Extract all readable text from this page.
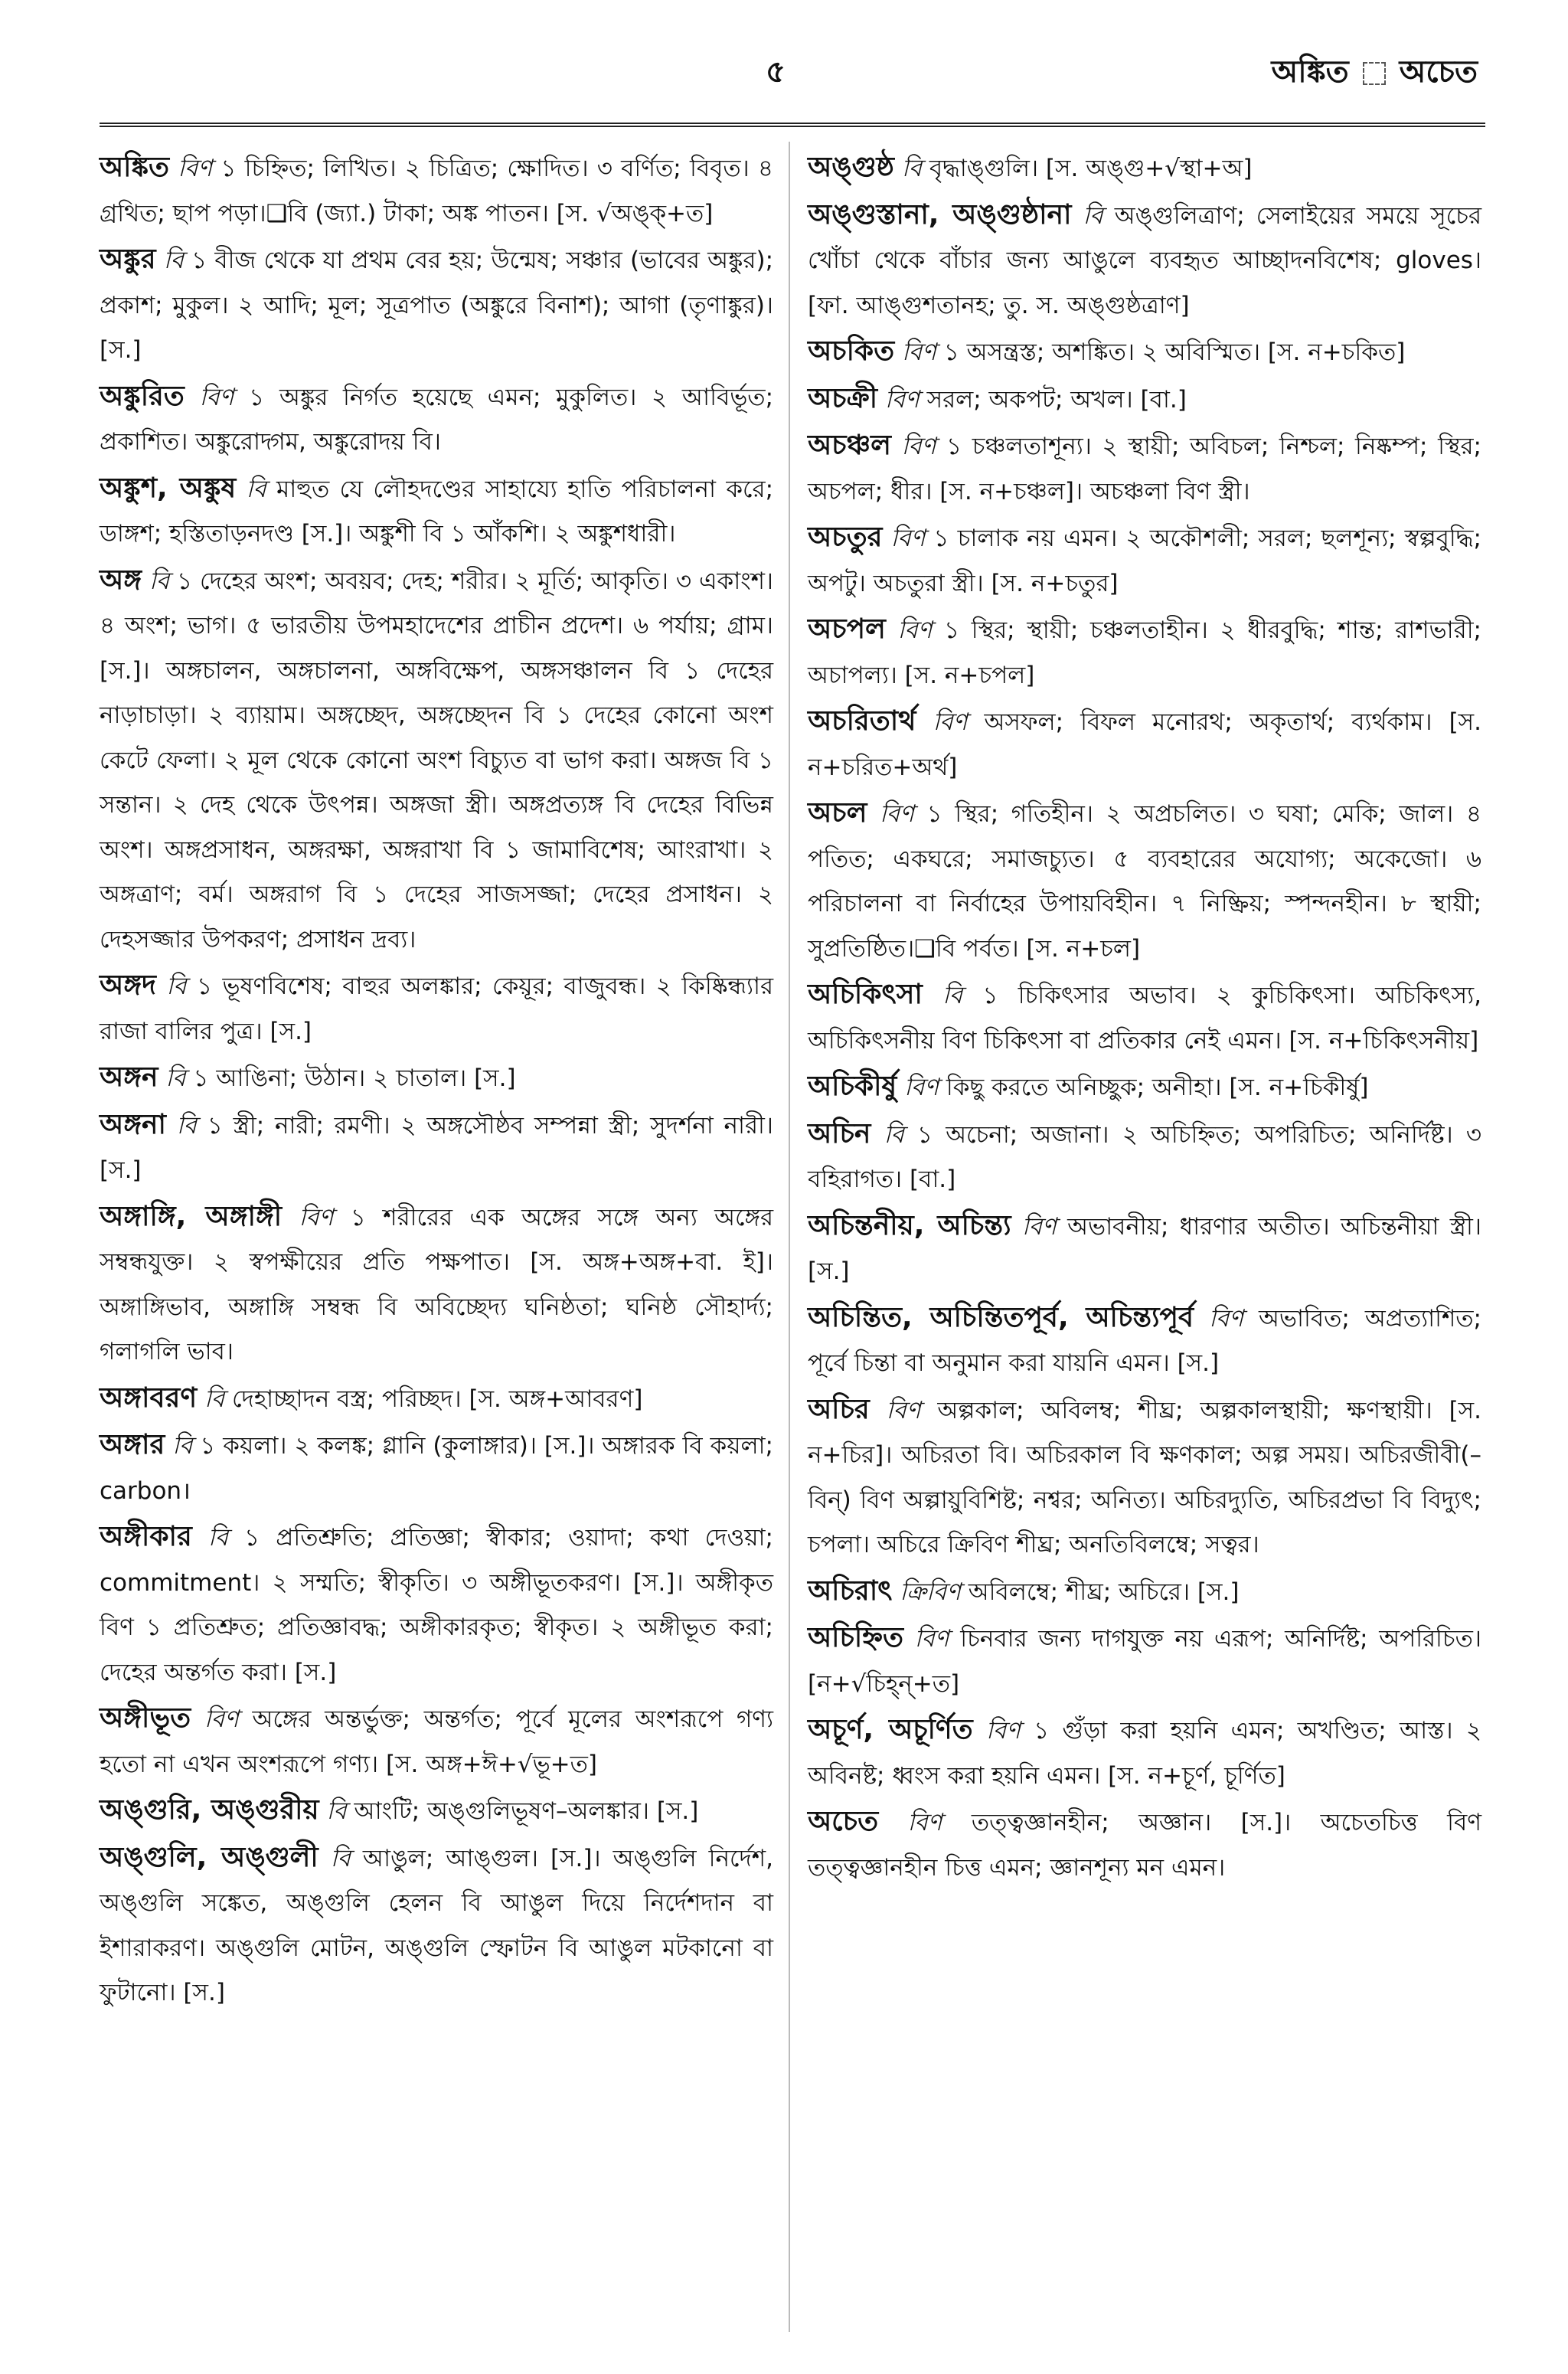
৫	অঙ্কিত অচেত
অঙ্কিত বিণ ১ চিহ্নিত; লিখিত। ২ চিত্রিত; ক্ষোদিত। ৩ বর্ণিত; বিবৃত। ৪ গ্রথিত; ছাপ পড়া।❑বি (জ্যা.) টাকা; অঙ্ক পাতন। [স. √অঙ্ক্‌+ত]
অঙ্কুর বি ১ বীজ থেকে যা প্রথম বের হয়; উন্মেষ; সঞ্চার (ভাবের অঙ্কুর); প্রকাশ; মুকুল। ২ আদি; মূল; সূত্রপাত (অঙ্কুরে বিনাশ); আগা (তৃণাঙ্কুর)। [স.]
অঙ্কুরিত বিণ ১ অঙ্কুর নির্গত হয়েছে এমন; মুকুলিত। ২ আবির্ভূত; প্রকাশিত। অঙ্কুরোদ্গম, অঙ্কুরোদয় বি।
অঙ্কুশ, অঙ্কুষ বি মাহুত যে লৌহদণ্ডের সাহায্যে হাতি পরিচালনা করে; ডাঙ্গশ; হস্তিতাড়নদণ্ড [স.]। অঙ্কুশী বি ১ আঁকশি। ২ অঙ্কুশধারী।
অঙ্গ বি ১ দেহের অংশ; অবয়ব; দেহ; শরীর। ২ মূর্তি; আকৃতি। ৩ একাংশ। ৪ অংশ; ভাগ। ৫ ভারতীয় উপমহাদেশের প্রাচীন প্রদেশ। ৬ পর্যায়; গ্রাম। [স.]। অঙ্গচালন, অঙ্গচালনা, অঙ্গবিক্ষেপ, অঙ্গসঞ্চালন বি ১ দেহের নাড়াচাড়া। ২ ব্যায়াম। অঙ্গচ্ছেদ, অঙ্গচ্ছেদন বি ১ দেহের কোনো অংশ কেটে ফেলা। ২ মূল থেকে কোনো অংশ বিচ্যুত বা ভাগ করা। অঙ্গজ বি ১ সন্তান। ২ দেহ থেকে উৎপন্ন। অঙ্গজা স্ত্রী। অঙ্গপ্রত্যঙ্গ বি দেহের বিভিন্ন অংশ। অঙ্গপ্রসাধন, অঙ্গরক্ষা, অঙ্গরাখা বি ১ জামাবিশেষ; আংরাখা। ২ অঙ্গত্রাণ; বর্ম। অঙ্গরাগ বি ১ দেহের সাজসজ্জা; দেহের প্রসাধন। ২ দেহসজ্জার উপকরণ; প্রসাধন দ্রব্য।
অঙ্গদ বি ১ ভূষণবিশেষ; বাহুর অলঙ্কার; কেয়ূর; বাজুবন্ধ। ২ কিষ্কিন্ধ্যার রাজা বালির পুত্র। [স.]
অঙ্গন বি ১ আঙিনা; উঠান। ২ চাতাল। [স.]
অঙ্গনা বি ১ স্ত্রী; নারী; রমণী। ২ অঙ্গসৌষ্ঠব সম্পন্না স্ত্রী; সুদর্শনা নারী। [স.]
অঙ্গাঙ্গি, অঙ্গাঙ্গী বিণ ১ শরীরের এক অঙ্গের সঙ্গে অন্য অঙ্গের সম্বন্ধযুক্ত। ২ স্বপক্ষীয়ের প্রতি পক্ষপাত। [স. অঙ্গ+অঙ্গ+বা. ই]। অঙ্গাঙ্গিভাব, অঙ্গাঙ্গি সম্বন্ধ বি অবিচ্ছেদ্য ঘনিষ্ঠতা; ঘনিষ্ঠ সৌহার্দ্য; গলাগলি ভাব।
অঙ্গাবরণ বি দেহাচ্ছাদন বস্ত্র; পরিচ্ছদ। [স. অঙ্গ+আবরণ]
অঙ্গার বি ১ কয়লা। ২ কলঙ্ক; গ্লানি (কুলাঙ্গার)। [স.]। অঙ্গারক বি কয়লা; carbon।
অঙ্গীকার বি ১ প্রতিশ্রুতি; প্রতিজ্ঞা; স্বীকার; ওয়াদা; কথা দেওয়া; commitment। ২ সম্মতি; স্বীকৃতি। ৩ অঙ্গীভূতকরণ। [স.]। অঙ্গীকৃত বিণ ১ প্রতিশ্রুত; প্রতিজ্ঞাবদ্ধ; অঙ্গীকারকৃত; স্বীকৃত। ২ অঙ্গীভূত করা; দেহের অন্তর্গত করা। [স.]
অঙ্গীভূত বিণ অঙ্গের অন্তর্ভুক্ত; অন্তর্গত; পূর্বে মূলের অংশরূপে গণ্য হতো না এখন অংশরূপে গণ্য। [স. অঙ্গ+ঈ+√ভূ+ত]
অঙ্গুরি, অঙ্গুরীয় বি আংটি; অঙ্গুলিভূষণ–অলঙ্কার। [স.]
অঙ্গুলি, অঙ্গুলী বি আঙুল; আঙ্গুল। [স.]। অঙ্গুলি নির্দেশ, অঙ্গুলি সঙ্কেত, অঙ্গুলি হেলন বি আঙুল দিয়ে নির্দেশদান বা ইশারাকরণ। অঙ্গুলি মোটন, অঙ্গুলি স্ফোটন বি আঙুল মটকানো বা ফুটানো। [স.]
অঙ্গুষ্ঠ বি বৃদ্ধাঙ্গুলি। [স. অঙ্গু+√স্থা+অ]
অঙ্গুস্তানা, অঙ্গুষ্ঠানা বি অঙ্গুলিত্রাণ; সেলাইয়ের সময়ে সূচের খোঁচা থেকে বাঁচার জন্য আঙুলে ব্যবহৃত আচ্ছাদনবিশেষ; gloves। [ফা. আঙ্গুশতানহ; তু. স. অঙ্গুষ্ঠত্রাণ]
অচকিত বিণ ১ অসন্ত্রস্ত; অশঙ্কিত। ২ অবিস্মিত। [স. ন+চকিত]
অচক্রী বিণ সরল; অকপট; অখল। [বা.]
অচঞ্চল বিণ ১ চঞ্চলতাশূন্য। ২ স্থায়ী; অবিচল; নিশ্চল; নিষ্কম্প; স্থির; অচপল; ধীর। [স. ন+চঞ্চল]। অচঞ্চলা বিণ স্ত্রী।
অচতুর বিণ ১ চালাক নয় এমন। ২ অকৌশলী; সরল; ছলশূন্য; স্বল্পবুদ্ধি; অপটু। অচতুরা স্ত্রী। [স. ন+চতুর]
অচপল বিণ ১ স্থির; স্থায়ী; চঞ্চলতাহীন। ২ ধীরবুদ্ধি; শান্ত; রাশভারী; অচাপল্য। [স. ন+চপল]
অচরিতার্থ বিণ অসফল; বিফল মনোরথ; অকৃতার্থ; ব্যর্থকাম। [স. ন+চরিত+অর্থ]
অচল বিণ ১ স্থির; গতিহীন। ২ অপ্রচলিত। ৩ ঘষা; মেকি; জাল। ৪ পতিত; একঘরে; সমাজচ্যুত। ৫ ব্যবহারের অযোগ্য; অকেজো। ৬ পরিচালনা বা নির্বাহের উপায়বিহীন। ৭ নিষ্ক্রিয়; স্পন্দনহীন। ৮ স্থায়ী; সুপ্রতিষ্ঠিত।❑বি পর্বত। [স. ন+চল]
অচিকিৎসা বি ১ চিকিৎসার অভাব। ২ কুচিকিৎসা। অচিকিৎস্য, অচিকিৎসনীয় বিণ চিকিৎসা বা প্রতিকার নেই এমন। [স. ন+চিকিৎসনীয়]
অচিকীর্ষু বিণ কিছু করতে অনিচ্ছুক; অনীহা। [স. ন+চিকীর্ষু]
অচিন বি ১ অচেনা; অজানা। ২ অচিহ্নিত; অপরিচিত; অনির্দিষ্ট। ৩ বহিরাগত। [বা.]
অচিন্তনীয়, অচিন্ত্য বিণ অভাবনীয়; ধারণার অতীত। অচিন্তনীয়া স্ত্রী। [স.]
অচিন্তিত, অচিন্তিতপূর্ব, অচিন্ত্যপূর্ব বিণ অভাবিত; অপ্রত্যাশিত; পূর্বে চিন্তা বা অনুমান করা যায়নি এমন। [স.]
অচির বিণ অল্পকাল; অবিলম্ব; শীঘ্র; অল্পকালস্থায়ী; ক্ষণস্থায়ী। [স. ন+চির]। অচিরতা বি। অচিরকাল বি ক্ষণকাল; অল্প সময়। অচিরজীবী(–বিন্) বিণ অল্পায়ুবিশিষ্ট; নশ্বর; অনিত্য। অচিরদ্যুতি, অচিরপ্রভা বি বিদ্যুৎ; চপলা। অচিরে ক্রিবিণ শীঘ্র; অনতিবিলম্বে; সত্বর।
অচিরাৎ ক্রিবিণ অবিলম্বে; শীঘ্র; অচিরে। [স.]
অচিহ্নিত বিণ চিনবার জন্য দাগযুক্ত নয় এরূপ; অনির্দিষ্ট; অপরিচিত। [ন+√চিহ্ন্‌+ত]
অচূর্ণ, অচূর্ণিত বিণ ১ গুঁড়া করা হয়নি এমন; অখণ্ডিত; আস্ত। ২ অবিনষ্ট; ধ্বংস করা হয়নি এমন। [স. ন+চূর্ণ, চূর্ণিত]
অচেত বিণ তত্ত্বজ্ঞানহীন; অজ্ঞান। [স.]। অচেতচিত্ত বিণ তত্ত্বজ্ঞানহীন চিত্ত এমন; জ্ঞানশূন্য মন এমন।
